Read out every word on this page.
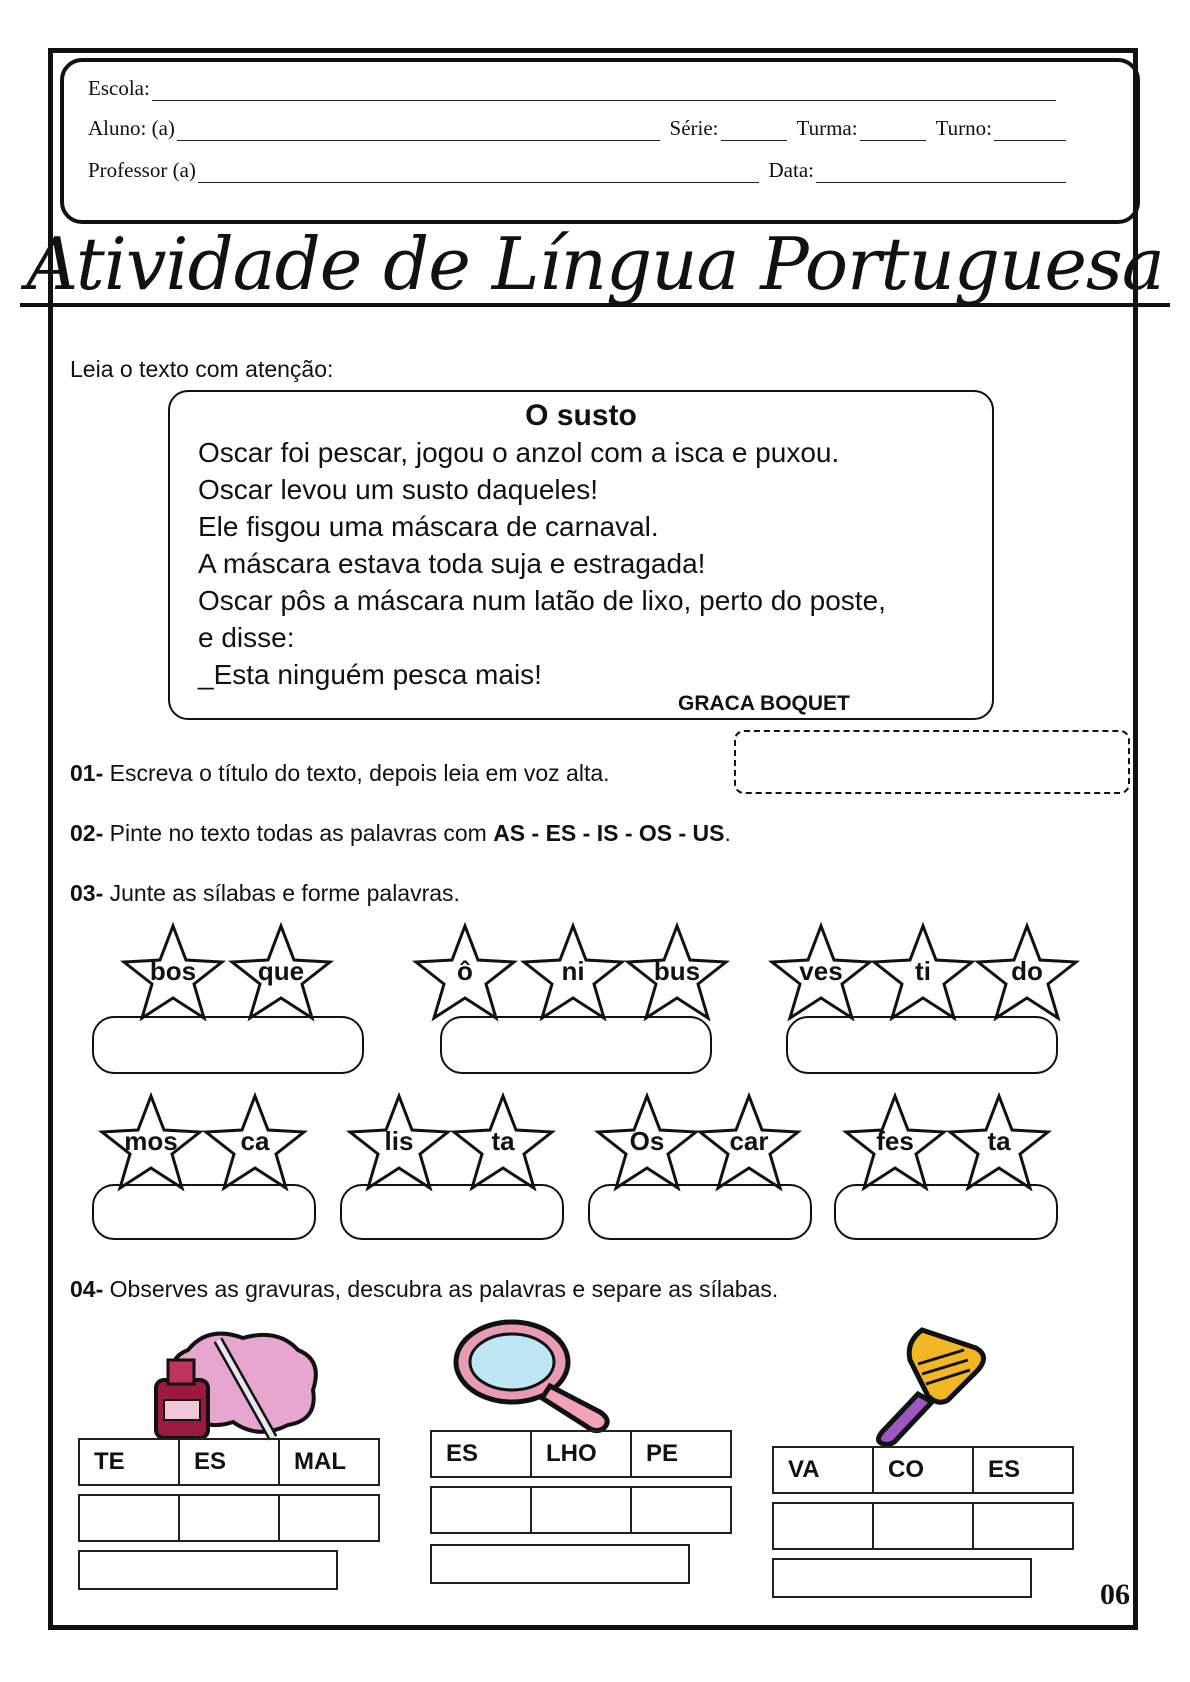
Escola:
Aluno: (a)	Série:	Turma:	Turno:
Professor (a)	Data:
Atividade de Língua Portuguesa
Leia o texto com atenção:
O susto
Oscar foi pescar, jogou o anzol com a isca e puxou.
Oscar levou um susto daqueles!
Ele fisgou uma máscara de carnaval.
A máscara estava toda suja e estragada!
Oscar pôs a máscara num latão de lixo, perto do poste,
e disse:
_Esta ninguém pesca mais!
GRACA BOQUET
01- Escreva o título do texto, depois leia em voz alta.
02- Pinte no texto todas as palavras com AS - ES - IS - OS - US.
03- Junte as sílabas e forme palavras.
bos	que	ô	ni	bus	ves	ti	do
mos	ca	lis	ta	Os	car	fes	ta
04- Observes as gravuras, descubra as palavras e separe as sílabas.
TE	ES	MAL

			ES	LHO	PE

VA	CO	ES

06
